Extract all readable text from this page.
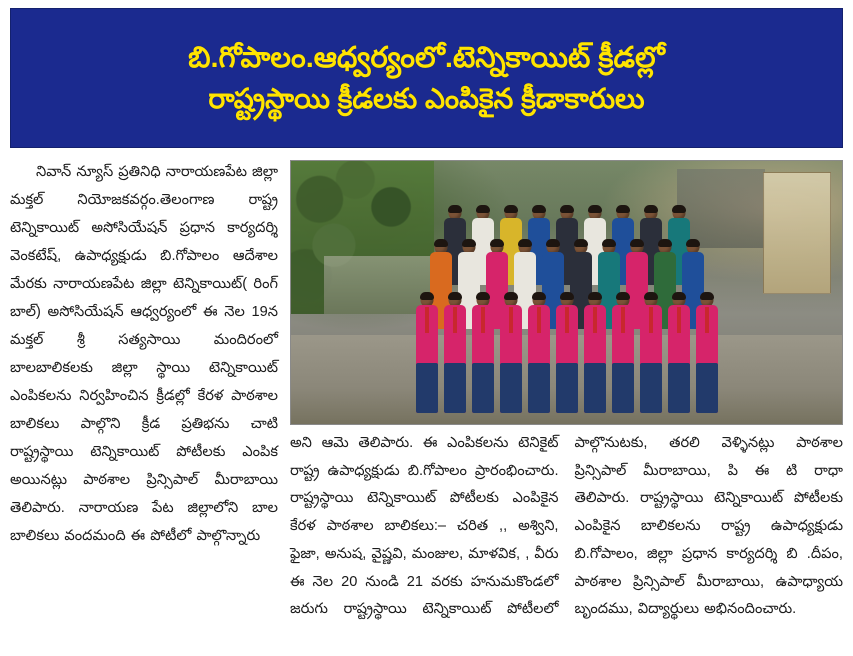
బి.గోపాలం.ఆధ్వర్యంలో.టెన్నికాయిట్ క్రీడల్లో
రాష్ట్రస్థాయి క్రీడలకు ఎంపికైన క్రీడాకారులు

నివాన్ న్యూస్ ప్రతినిధి నారాయణపేట జిల్లా మక్తల్ నియోజకవర్గం.తెలంగాణ రాష్ట్ర టెన్నికాయిట్ అసోసియేషన్ ప్రధాన కార్యదర్శి వెంకటేష్, ఉపాధ్యక్షుడు బి.గోపాలం ఆదేశాల మేరకు నారాయణపేట జిల్లా టెన్నికాయిట్( రింగ్ బాల్) అసోసియేషన్ ఆధ్వర్యంలో ఈ నెల 19న మక్తల్ శ్రీ సత్యసాయి మందిరంలో బాలబాలికలకు జిల్లా స్థాయి టెన్నికాయిట్ ఎంపికలను నిర్వహించిన క్రీడల్లో కేరళ పాఠశాల బాలికలు పాల్గొని క్రీడ ప్రతిభను చాటి రాష్ట్రస్థాయి టెన్నికాయిట్ పోటీలకు ఎంపిక అయినట్లు పాఠశాల ప్రిన్సిపాల్ మీరాబాయి తెలిపారు. నారాయణ పేట జిల్లాలోని బాల బాలికలు వందమంది ఈ పోటీలో పాల్గొన్నారు

అని ఆమె తెలిపారు. ఈ ఎంపికలను టెనికైట్ రాష్ట్ర ఉపాధ్యక్షుడు బి.గోపాలం ప్రారంభించారు. రాష్ట్రస్థాయి టెన్నికాయిట్ పోటీలకు ఎంపికైన కేరళ పాఠశాల బాలికలు:– చరిత ,, అశ్విని, ఫైజా, అనుష, వైష్ణవి, మంజుల, మాళవిక, , వీరు ఈ నెల 20 నుండి 21 వరకు హనుమకొండలో జరుగు రాష్ట్రస్థాయి టెన్నికాయిట్ పోటీలలో పాల్గొనుటకు, తరలి వెళ్ళినట్లు పాఠశాల ప్రిన్సిపాల్ మీరాబాయి, పి ఈ టి రాధా తెలిపారు. రాష్ట్రస్థాయి టెన్నికాయిట్ పోటీలకు ఎంపికైన బాలికలను రాష్ట్ర ఉపాధ్యక్షుడు బి.గోపాలం, జిల్లా ప్రధాన కార్యదర్శి బి .దీపం, పాఠశాల ప్రిన్సిపాల్ మీరాబాయి, ఉపాధ్యాయ బృందము, విద్యార్థులు అభినందించారు.
